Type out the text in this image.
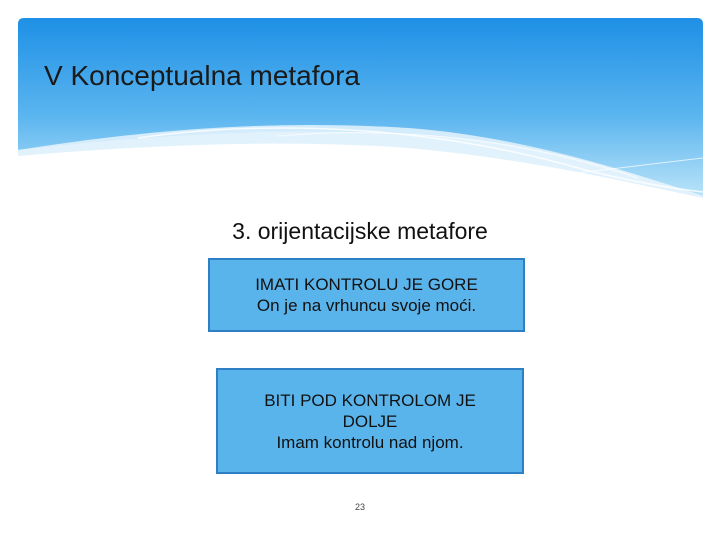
V Konceptualna metafora
3. orijentacijske metafore
IMATI KONTROLU JE GORE
On je na vrhuncu svoje moći.
BITI POD KONTROLOM JE
DOLJE
Imam kontrolu nad njom.
23
